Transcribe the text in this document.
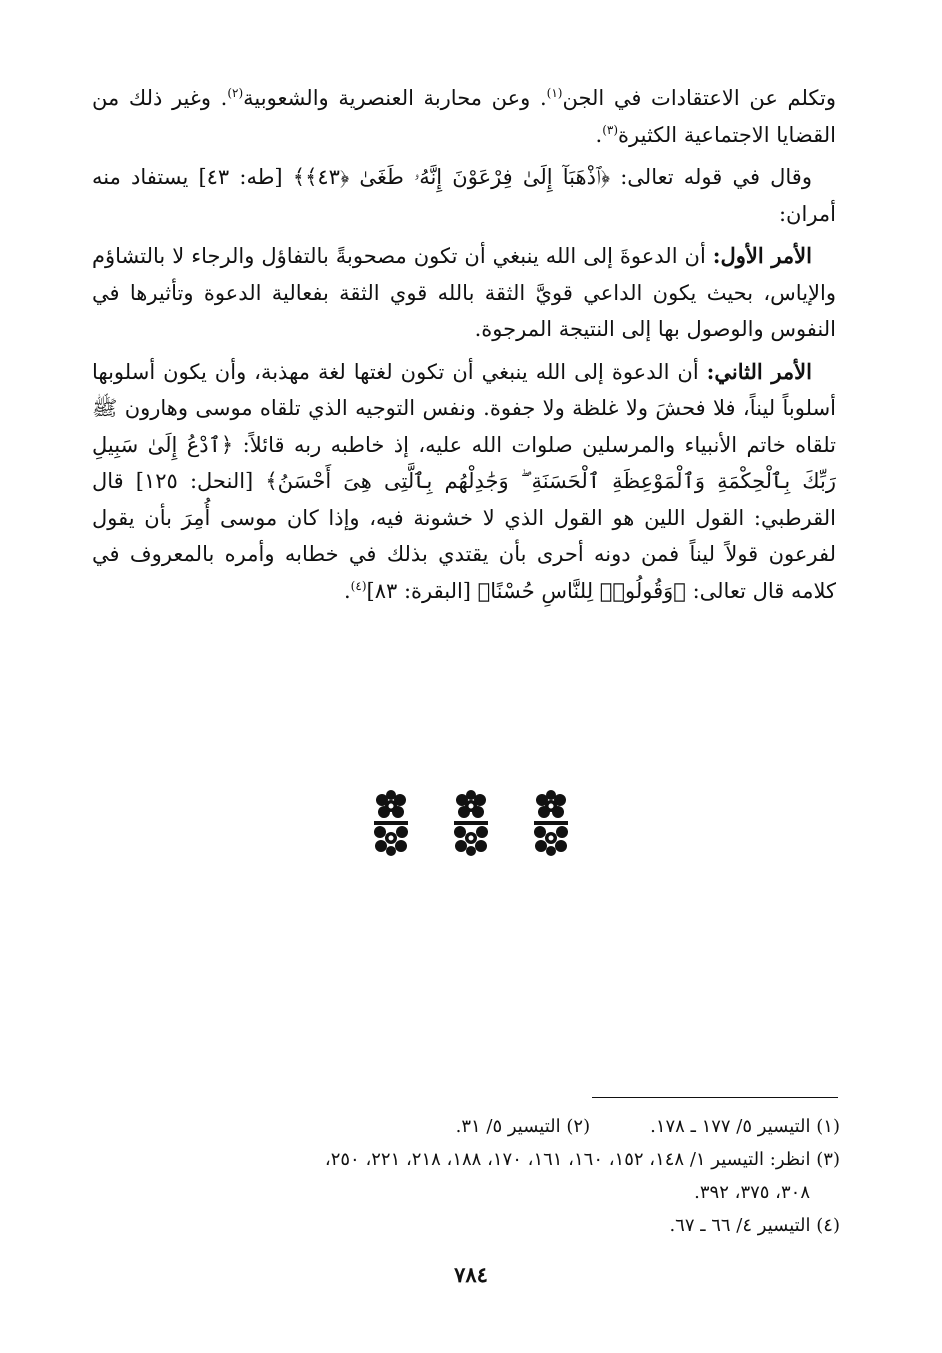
وتكلم عن الاعتقادات في الجن$^{(١)}$. وعن محاربة العنصرية والشعوبية$^{(٢)}$. وغير ذلك من القضايا الاجتماعية الكثيرة$^{(٣)}$.

وقال في قوله تعالى: ﴿ٱذْهَبَآ إِلَىٰ فِرْعَوْنَ إِنَّهُۥ طَغَىٰ ﴿٤٣﴾﴾ [طه: ٤٣] يستفاد منه أمران:

الأمر الأول: أن الدعوةَ إلى الله ينبغي أن تكون مصحوبةً بالتفاؤل والرجاء لا بالتشاؤم والإياس، بحيث يكون الداعي قويَّ الثقة بالله قوي الثقة بفعالية الدعوة وتأثيرها في النفوس والوصول بها إلى النتيجة المرجوة.

الأمر الثاني: أن الدعوة إلى الله ينبغي أن تكون لغتها لغة مهذبة، وأن يكون أسلوبها أسلوباً ليناً، فلا فحشَ ولا غلظة ولا جفوة. ونفس التوجيه الذي تلقاه موسى وهارون ﷺ تلقاه خاتم الأنبياء والمرسلين صلوات الله عليه، إذ خاطبه ربه قائلاً: ﴿ٱدْعُ إِلَىٰ سَبِيلِ رَبِّكَ بِٱلْحِكْمَةِ وَٱلْمَوْعِظَةِ ٱلْحَسَنَةِ ۖ وَجَٰدِلْهُم بِٱلَّتِى هِىَ أَحْسَنُ﴾ [النحل: ١٢٥] قال القرطبي: القول اللين هو القول الذي لا خشونة فيه، وإذا كان موسى أُمِرَ بأن يقول لفرعون قولاً ليناً فمن دونه أحرى بأن يقتدي بذلك في خطابه وأمره بالمعروف في كلامه قال تعالى: ﴿وَقُولُوا۟ لِلنَّاسِ حُسْنًا﴾ [البقرة: ٨٣]$^{(٤)}$.

(١) التيسير ٥/ ١٧٧ ـ ١٧٨.
(٢) التيسير ٥/ ٣١.
(٣) انظر: التيسير ١/ ١٤٨، ١٥٢، ١٦٠، ١٦١، ١٧٠، ١٨٨، ٢١٨، ٢٢١، ٢٥٠،
٣٠٨، ٣٧٥، ٣٩٢.
(٤) التيسير ٤/ ٦٦ ـ ٦٧.
٧٨٤
